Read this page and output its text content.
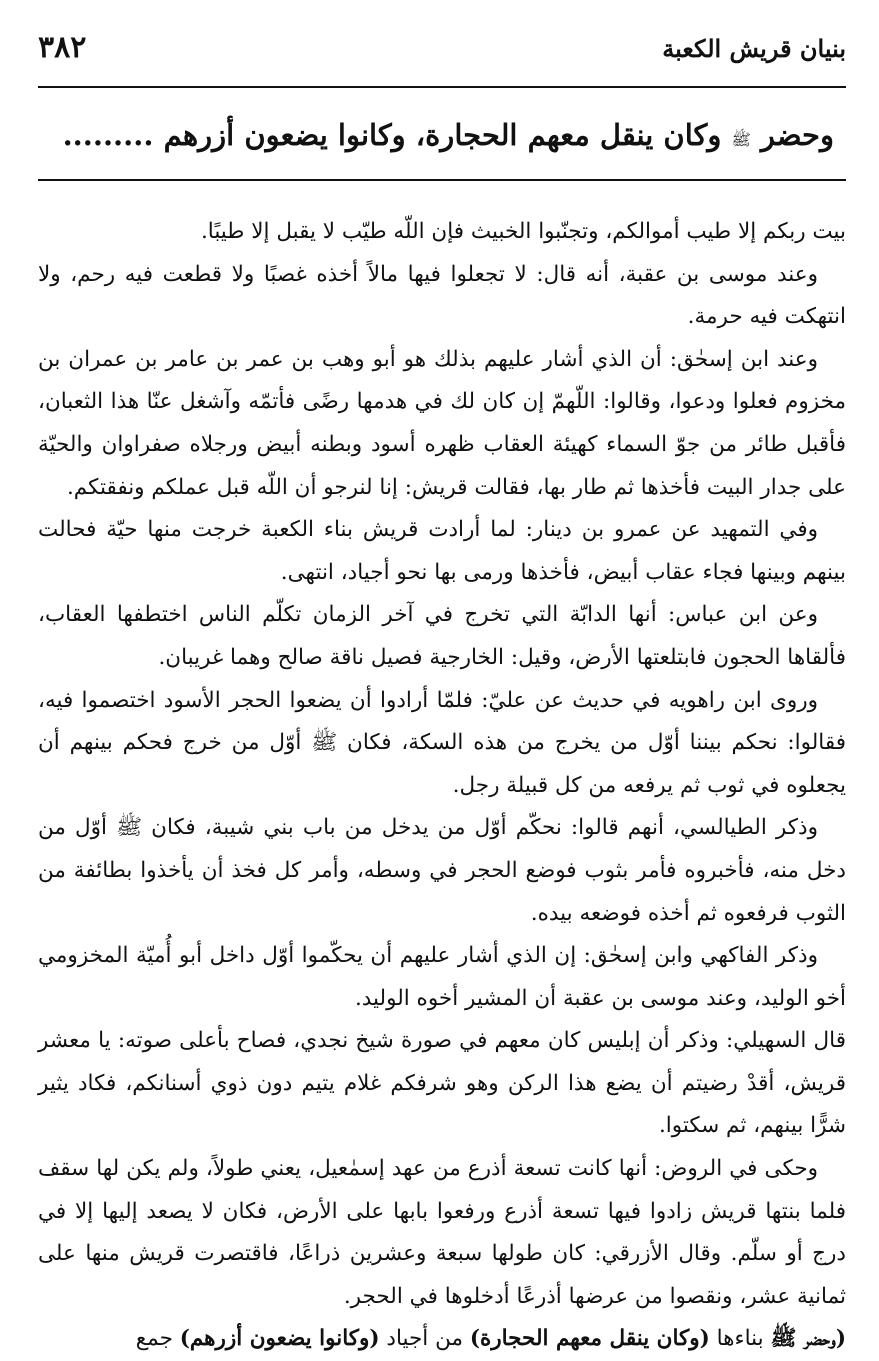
بنيان قريش الكعبة
٣٨٢
وحضر ﷺ وكان ينقل معهم الحجارة، وكانوا يضعون أزرهم .........

بيت ربكم إلا طيب أموالكم، وتجنّبوا الخبيث فإن اللّه طيّب لا يقبل إلا طيبًا.

وعند موسى بن عقبة، أنه قال: لا تجعلوا فيها مالاً أخذه غصبًا ولا قطعت فيه رحم، ولا انتهكت فيه حرمة.

وعند ابن إسحٰق: أن الذي أشار عليهم بذلك هو أبو وهب بن عمر بن عامر بن عمران بن مخزوم فعلوا ودعوا، وقالوا: اللّهمّ إن كان لك في هدمها رضًى فأتمّه وآشغل عنّا هذا الثعبان، فأقبل طائر من جوّ السماء كهيئة العقاب ظهره أسود وبطنه أبيض ورجلاه صفراوان والحيّة على جدار البيت فأخذها ثم طار بها، فقالت قريش: إنا لنرجو أن اللّه قبل عملكم ونفقتكم.

وفي التمهيد عن عمرو بن دينار: لما أرادت قريش بناء الكعبة خرجت منها حيّة فحالت بينهم وبينها فجاء عقاب أبيض، فأخذها ورمى بها نحو أجياد، انتهى.

وعن ابن عباس: أنها الدابّة التي تخرج في آخر الزمان تكلّم الناس اختطفها العقاب، فألقاها الحجون فابتلعتها الأرض، وقيل: الخارجية فصيل ناقة صالح وهما غريبان.

وروى ابن راهويه في حديث عن عليّ: فلمّا أرادوا أن يضعوا الحجر الأسود اختصموا فيه، فقالوا: نحكم بيننا أوّل من يخرج من هذه السكة، فكان ﷺ أوّل من خرج فحكم بينهم أن يجعلوه في ثوب ثم يرفعه من كل قبيلة رجل.

وذكر الطيالسي، أنهم قالوا: نحكّم أوّل من يدخل من باب بني شيبة، فكان ﷺ أوّل من دخل منه، فأخبروه فأمر بثوب فوضع الحجر في وسطه، وأمر كل فخذ أن يأخذوا بطائفة من الثوب فرفعوه ثم أخذه فوضعه بيده.

وذكر الفاكهي وابن إسحٰق: إن الذي أشار عليهم أن يحكّموا أوّل داخل أبو أُميّة المخزومي أخو الوليد، وعند موسى بن عقبة أن المشير أخوه الوليد.

قال السهيلي: وذكر أن إبليس كان معهم في صورة شيخ نجدي، فصاح بأعلى صوته: يا معشر قريش، أقدْ رضيتم أن يضع هذا الركن وهو شرفكم غلام يتيم دون ذوي أسنانكم، فكاد يثير شرًّا بينهم، ثم سكتوا.

وحكى في الروض: أنها كانت تسعة أذرع من عهد إسمٰعيل، يعني طولاً، ولم يكن لها سقف فلما بنتها قريش زادوا فيها تسعة أذرع ورفعوا بابها على الأرض، فكان لا يصعد إليها إلا في درج أو سلّم. وقال الأزرقي: كان طولها سبعة وعشرين ذراعًا، فاقتصرت قريش منها على ثمانية عشر، ونقصوا من عرضها أذرعًا أدخلوها في الحجر.

(وحضر ﷺ بناءها (وكان ينقل معهم الحجارة) من أجياد (وكانوا يضعون أزرهم) جمع
